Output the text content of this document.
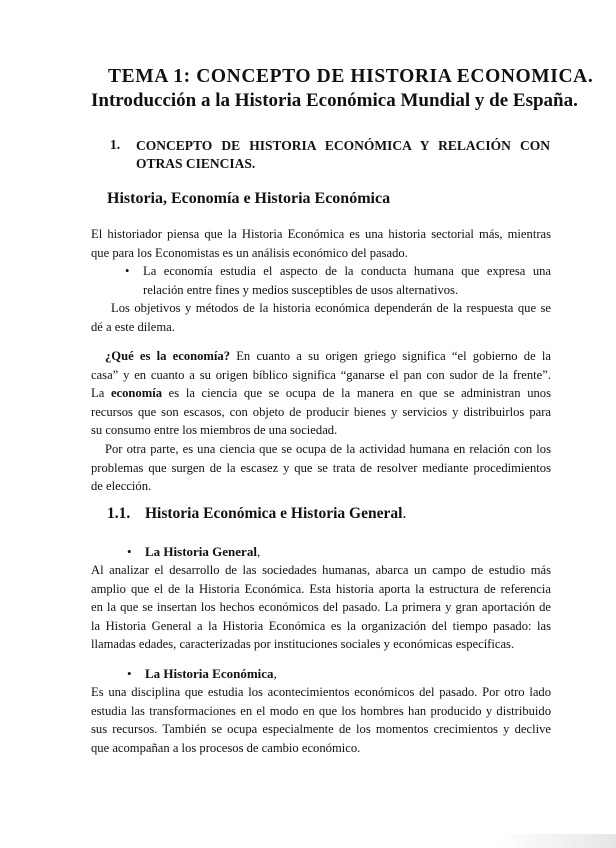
TEMA 1: CONCEPTO DE HISTORIA ECONOMICA.
Introducción a la Historia Económica Mundial y de España.
1. CONCEPTO DE HISTORIA ECONÓMICA Y RELACIÓN CON
OTRAS CIENCIAS.
Historia, Economía e Historia Económica
El historiador piensa que la Historia Económica es una historia sectorial más, mientras
que para los Economistas es un análisis económico del pasado.
• La economía estudia el aspecto de la conducta humana que expresa una
relación entre fines y medios susceptibles de usos alternativos.
Los objetivos y métodos de la historia económica dependerán de la respuesta que se
dé a este dilema.
¿Qué es la economía? En cuanto a su origen griego significa “el gobierno de la
casa” y en cuanto a su origen bíblico significa “ganarse el pan con sudor de la frente”.
La economía es la ciencia que se ocupa de la manera en que se administran unos
recursos que son escasos, con objeto de producir bienes y servicios y distribuirlos para
su consumo entre los miembros de una sociedad.
Por otra parte, es una ciencia que se ocupa de la actividad humana en relación con los
problemas que surgen de la escasez y que se trata de resolver mediante procedimientos
de elección.
1.1. Historia Económica e Historia General.
• La Historia General,
Al analizar el desarrollo de las sociedades humanas, abarca un campo de estudio más
amplio que el de la Historia Económica. Esta historia aporta la estructura de referencia
en la que se insertan los hechos económicos del pasado. La primera y gran aportación de
la Historia General a la Historia Económica es la organización del tiempo pasado: las
llamadas edades, caracterizadas por instituciones sociales y económicas específicas.
• La Historia Económica,
Es una disciplina que estudia los acontecimientos económicos del pasado. Por otro lado
estudia las transformaciones en el modo en que los hombres han producido y distribuido
sus recursos. También se ocupa especialmente de los momentos crecimientos y declive
que acompañan a los procesos de cambio económico.
